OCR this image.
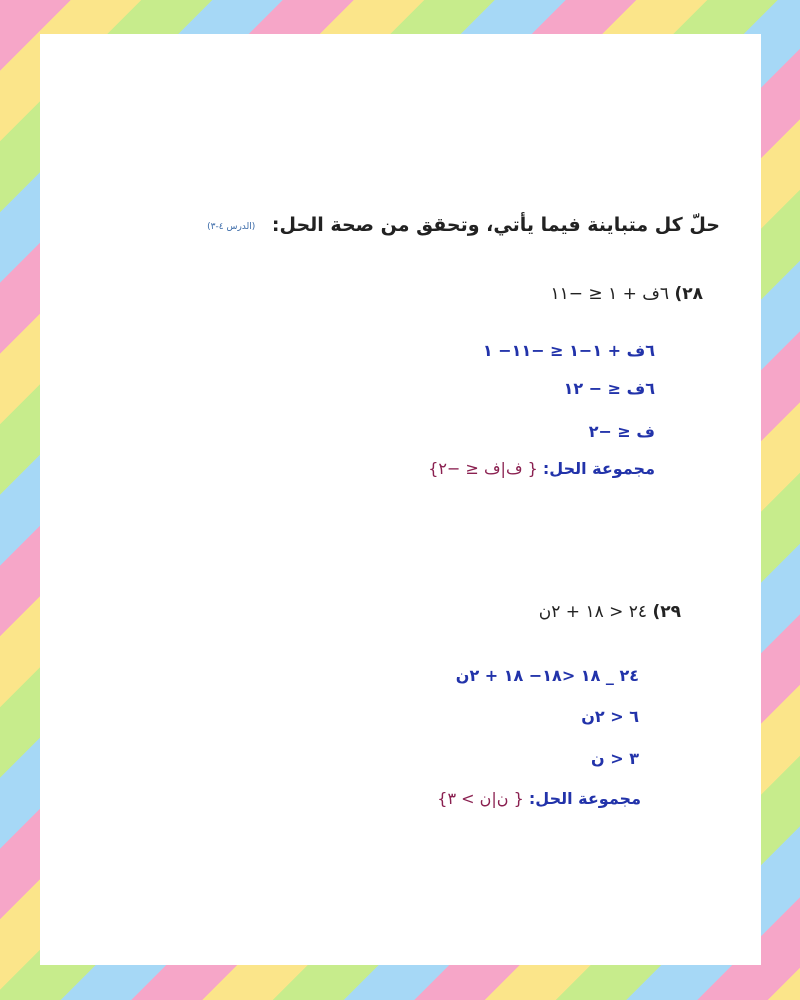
حلّ كل متباينة فيما يأتي، وتحقق من صحة الحل: (الدرس ٤-٣)
٢٨) ٦ف + ١ ≤ −١١
٦ف + ١−١ ≤ −١١− ١
٦ف ≤ − ١٢
ف ≤ −٢
مجموعة الحل: { ف|ف ≤ −٢}
٢٩) ٢٤ < ١٨ + ٢ن
٢٤ _ ١٨ <١٨− ١٨ + ٢ن
٦ < ٢ن
٣ < ن
مجموعة الحل: { ن|ن > ٣}
